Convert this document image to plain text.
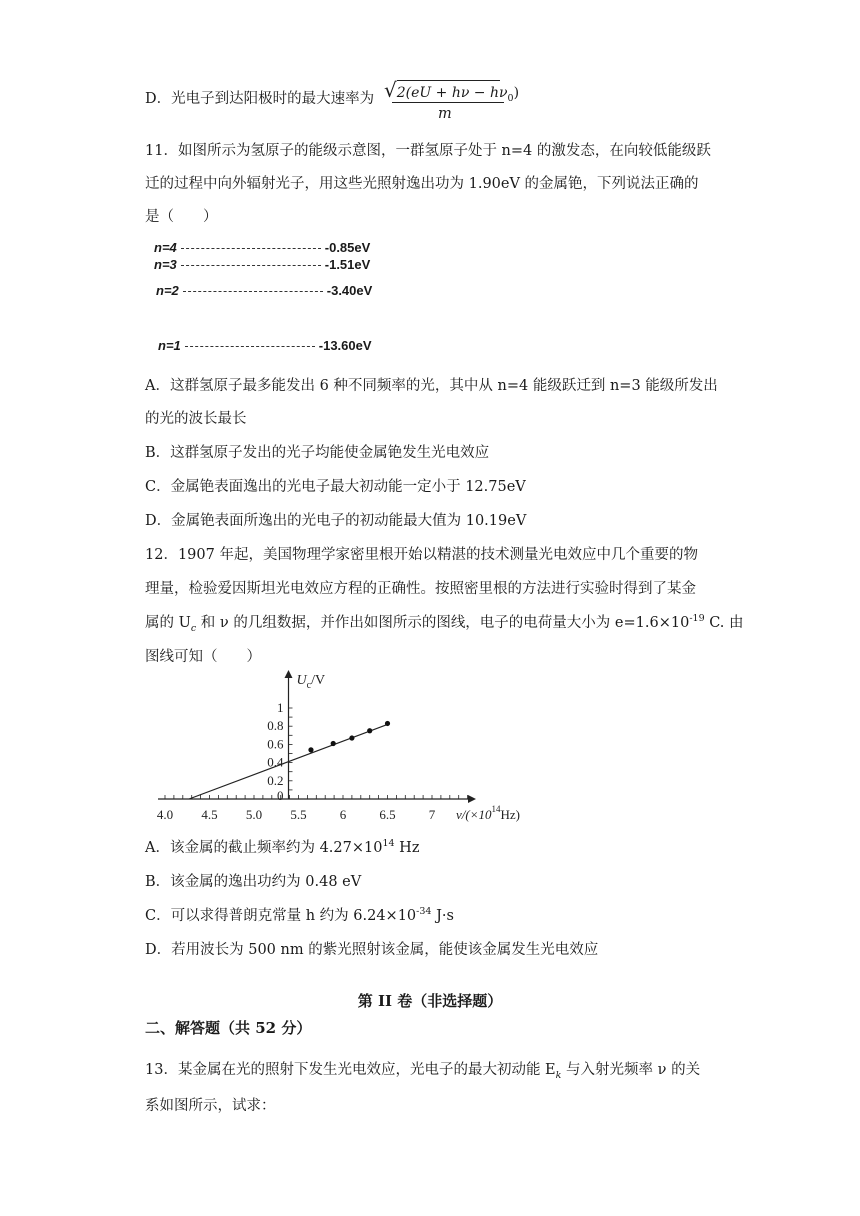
D．光电子到达阳极时的最大速率为 $√2(eU + h\nu - h\nu_0)$
m
11．如图所示为氢原子的能级示意图，一群氢原子处于 n=4 的激发态，在向较低能级跃
迁的过程中向外辐射光子，用这些光照射逸出功为 1.90eV 的金属铯，下列说法正确的
是（　　）
n=4	-0.85eV
n=3	-1.51eV
n=2	-3.40eV
n=1	-13.60eV
A．这群氢原子最多能发出 6 种不同频率的光，其中从 n=4 能级跃迁到 n=3 能级所发出
的光的波长最长
B．这群氢原子发出的光子均能使金属铯发生光电效应
C．金属铯表面逸出的光电子最大初动能一定小于 12.75eV
D．金属铯表面所逸出的光电子的初动能最大值为 10.19eV
12．1907 年起，美国物理学家密里根开始以精湛的技术测量光电效应中几个重要的物
理量，检验爱因斯坦光电效应方程的正确性。按照密里根的方法进行实验时得到了某金
属的 $U_c$ 和 ν 的几组数据，并作出如图所示的图线，电子的电荷量大小为 $e=1.6\times 10^{-19}$ C. 由
图线可知（　　）
4.0 4.5 5.0 5.5	6	6.5	7
0
0.2
0.4
0.6
0.8
1
$U_c/V$
$\nu/(\times 10^{14}Hz)$
A．该金属的截止频率约为 $4.27\times 10^{14}$ Hz
B．该金属的逸出功约为 0.48 eV
C．可以求得普朗克常量 h 约为 $6.24\times 10^{-34}$ J·s
D．若用波长为 500 nm 的紫光照射该金属，能使该金属发生光电效应
第 II 卷（非选择题）
二、解答题（共 52 分）
13．某金属在光的照射下发生光电效应，光电子的最大初动能 $E_k$ 与入射光频率 ν 的关
系如图所示，试求：
